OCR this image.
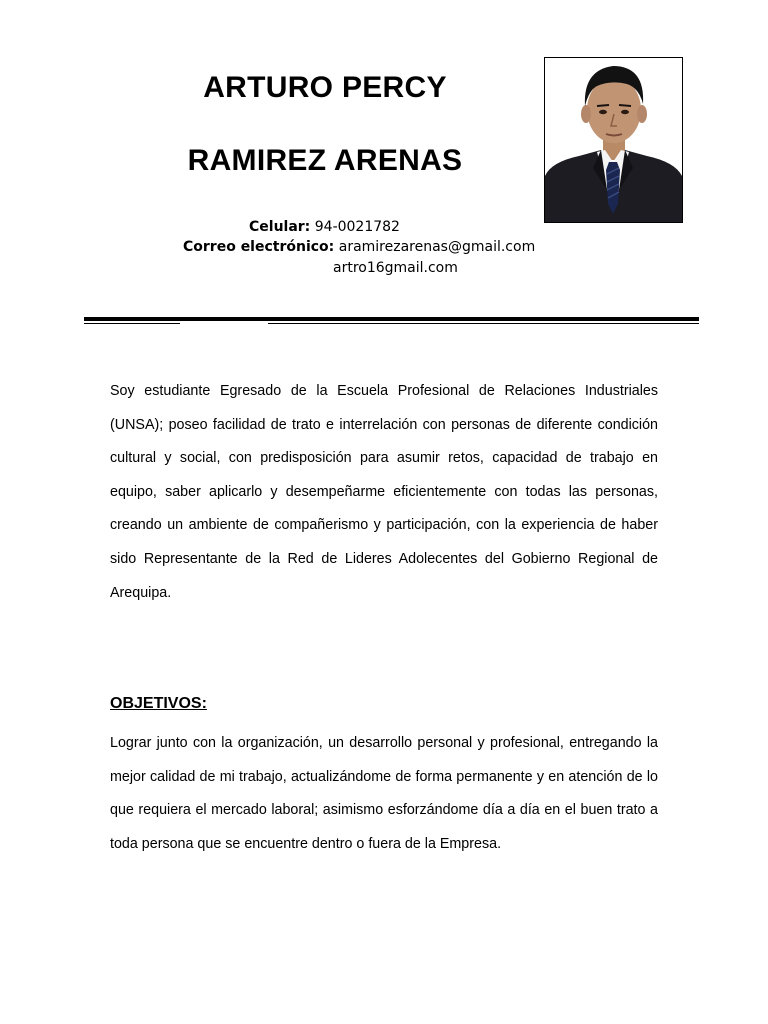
ARTURO PERCY
RAMIREZ ARENAS
Celular: 94-0021782
Correo electrónico: aramirezarenas@gmail.com
artro16gmail.com

Soy estudiante Egresado de la Escuela Profesional de Relaciones Industriales (UNSA); poseo facilidad de trato e interrelación con personas de diferente condición cultural y social, con predisposición para asumir retos, capacidad de trabajo en equipo, saber aplicarlo y desempeñarme eficientemente con todas las personas, creando un ambiente de compañerismo y participación, con la experiencia de haber sido Representante de la Red de Lideres Adolecentes del Gobierno Regional de Arequipa.

OBJETIVOS:

Lograr junto con la organización, un desarrollo personal y profesional, entregando la mejor calidad de mi trabajo, actualizándome de forma permanente y en atención de lo que requiera el mercado laboral; asimismo esforzándome día a día en el buen trato a toda persona que se encuentre dentro o fuera de la Empresa.
